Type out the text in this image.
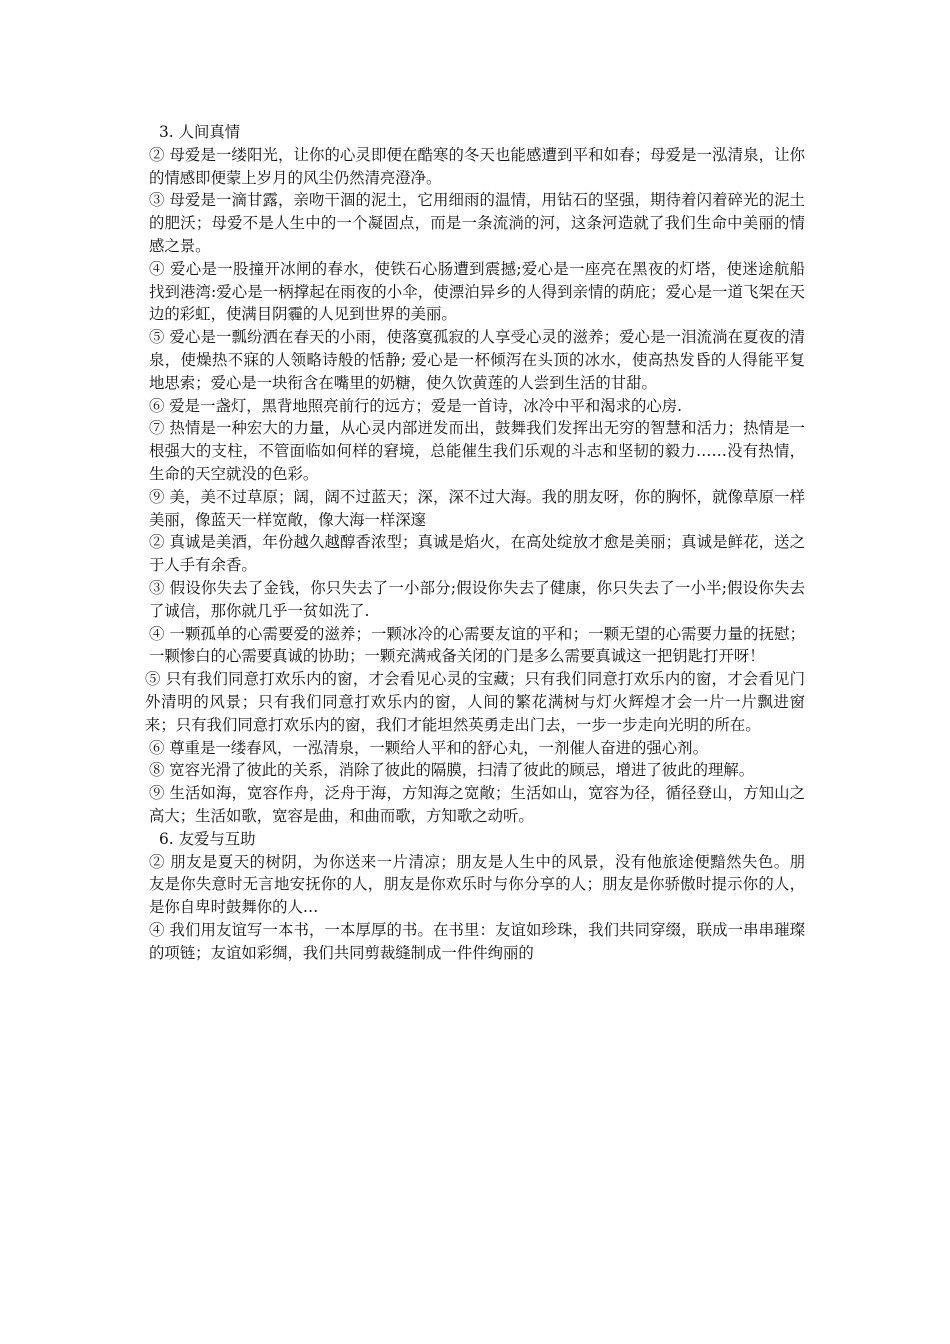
3. 人间真情

② 母爱是一缕阳光，让你的心灵即便在酷寒的冬天也能感遭到平和如春；母爱是一泓清泉，让你的情感即便蒙上岁月的风尘仍然清亮澄净。

③ 母爱是一滴甘露，亲吻干涸的泥土，它用细雨的温情，用钻石的坚强，期待着闪着碎光的泥土的肥沃；母爱不是人生中的一个凝固点，而是一条流淌的河，这条河造就了我们生命中美丽的情感之景。

④ 爱心是一股撞开冰闸的春水，使铁石心肠遭到震撼;爱心是一座亮在黑夜的灯塔，使迷途航船找到港湾:爱心是一柄撑起在雨夜的小伞，使漂泊异乡的人得到亲情的荫庇；爱心是一道飞架在天边的彩虹，使满目阴霾的人见到世界的美丽。

⑤ 爱心是一瓢纷洒在春天的小雨，使落寞孤寂的人享受心灵的滋养；爱心是一泪流淌在夏夜的清泉，使燥热不寐的人领略诗般的恬静; 爱心是一杯倾泻在头顶的冰水，使高热发昏的人得能平复地思索；爱心是一块衔含在嘴里的奶糖，使久饮黄莲的人尝到生活的甘甜。

⑥ 爱是一盏灯，黑背地照亮前行的远方；爱是一首诗，冰冷中平和渴求的心房.

⑦ 热情是一种宏大的力量，从心灵内部迸发而出，鼓舞我们发挥出无穷的智慧和活力；热情是一根强大的支柱，不管面临如何样的窘境，总能催生我们乐观的斗志和坚韧的毅力……没有热情，生命的天空就没的色彩。

⑨ 美，美不过草原；阔，阔不过蓝天；深，深不过大海。我的朋友呀，你的胸怀，就像草原一样美丽，像蓝天一样宽敞，像大海一样深邃

② 真诚是美酒，年份越久越醇香浓型；真诚是焰火，在高处绽放才愈是美丽；真诚是鲜花，送之于人手有余香。

③ 假设你失去了金钱，你只失去了一小部分;假设你失去了健康，你只失去了一小半;假设你失去了诚信，那你就几乎一贫如洗了.

④ 一颗孤单的心需要爱的滋养；一颗冰冷的心需要友谊的平和；一颗无望的心需要力量的抚慰；一颗惨白的心需要真诚的协助；一颗充满戒备关闭的门是多么需要真诚这一把钥匙打开呀！

⑤ 只有我们同意打欢乐内的窗，才会看见心灵的宝藏；只有我们同意打欢乐内的窗，才会看见门外清明的风景；只有我们同意打欢乐内的窗，人间的繁花满树与灯火辉煌才会一片一片飘进窗来；只有我们同意打欢乐内的窗，我们才能坦然英勇走出门去，一步一步走向光明的所在。

⑥ 尊重是一缕春风，一泓清泉，一颗给人平和的舒心丸，一剂催人奋进的强心剂。

⑧ 宽容光滑了彼此的关系，消除了彼此的隔膜，扫清了彼此的顾忌，增进了彼此的理解。

⑨ 生活如海，宽容作舟，泛舟于海，方知海之宽敞；生活如山，宽容为径，循径登山，方知山之高大；生活如歌，宽容是曲，和曲而歌，方知歌之动听。

6. 友爱与互助

② 朋友是夏天的树阴，为你送来一片清凉；朋友是人生中的风景，没有他旅途便黯然失色。朋 友是你失意时无言地安抚你的人，朋友是你欢乐时与你分享的人；朋友是你骄傲时提示你的人，是你自卑时鼓舞你的人…

④ 我们用友谊写一本书，一本厚厚的书。在书里：友谊如珍珠，我们共同穿缀，联成一串串璀璨的项链；友谊如彩绸，我们共同剪裁缝制成一件件绚丽的
